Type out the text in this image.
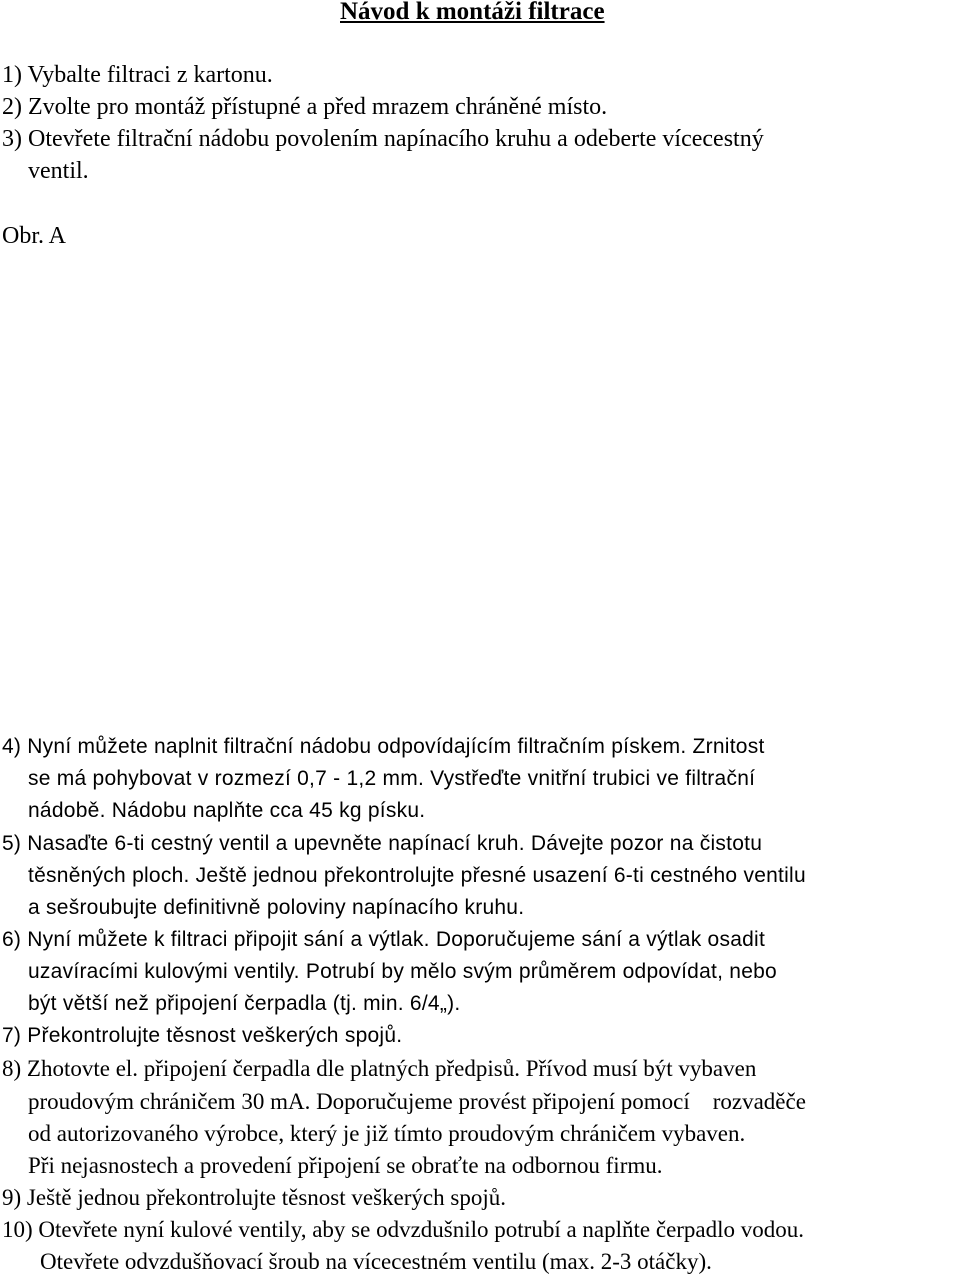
Návod k montáži filtrace
1) Vybalte filtraci z kartonu.
2) Zvolte pro montáž přístupné a před mrazem chráněné místo.
3) Otevřete filtrační nádobu povolením napínacího kruhu a odeberte vícecestný
ventil.
Obr. A
4) Nyní můžete naplnit filtrační nádobu odpovídajícím filtračním pískem. Zrnitost
se má pohybovat v rozmezí 0,7 - 1,2 mm. Vystřeďte vnitřní trubici ve filtrační
nádobě. Nádobu naplňte cca 45 kg písku.
5) Nasaďte 6-ti cestný ventil a upevněte napínací kruh. Dávejte pozor na čistotu
těsněných ploch. Ještě jednou překontrolujte přesné usazení 6-ti cestného ventilu
a sešroubujte definitivně poloviny napínacího kruhu.
6) Nyní můžete k filtraci připojit sání a výtlak. Doporučujeme sání a výtlak osadit
uzavíracími kulovými ventily. Potrubí by mělo svým průměrem odpovídat, nebo
být větší než připojení čerpadla (tj. min. 6/4„).
7) Překontrolujte těsnost veškerých spojů.
8) Zhotovte el. připojení čerpadla dle platných předpisů. Přívod musí být vybaven
proudovým chráničem 30 mA. Doporučujeme provést připojení pomocí    rozvaděče
od autorizovaného výrobce, který je již tímto proudovým chráničem vybaven.
Při nejasnostech a provedení připojení se obraťte na odbornou firmu.
9) Ještě jednou překontrolujte těsnost veškerých spojů.
10) Otevřete nyní kulové ventily, aby se odvzdušnilo potrubí a naplňte čerpadlo vodou.
Otevřete odvzdušňovací šroub na vícecestném ventilu (max. 2-3 otáčky).
